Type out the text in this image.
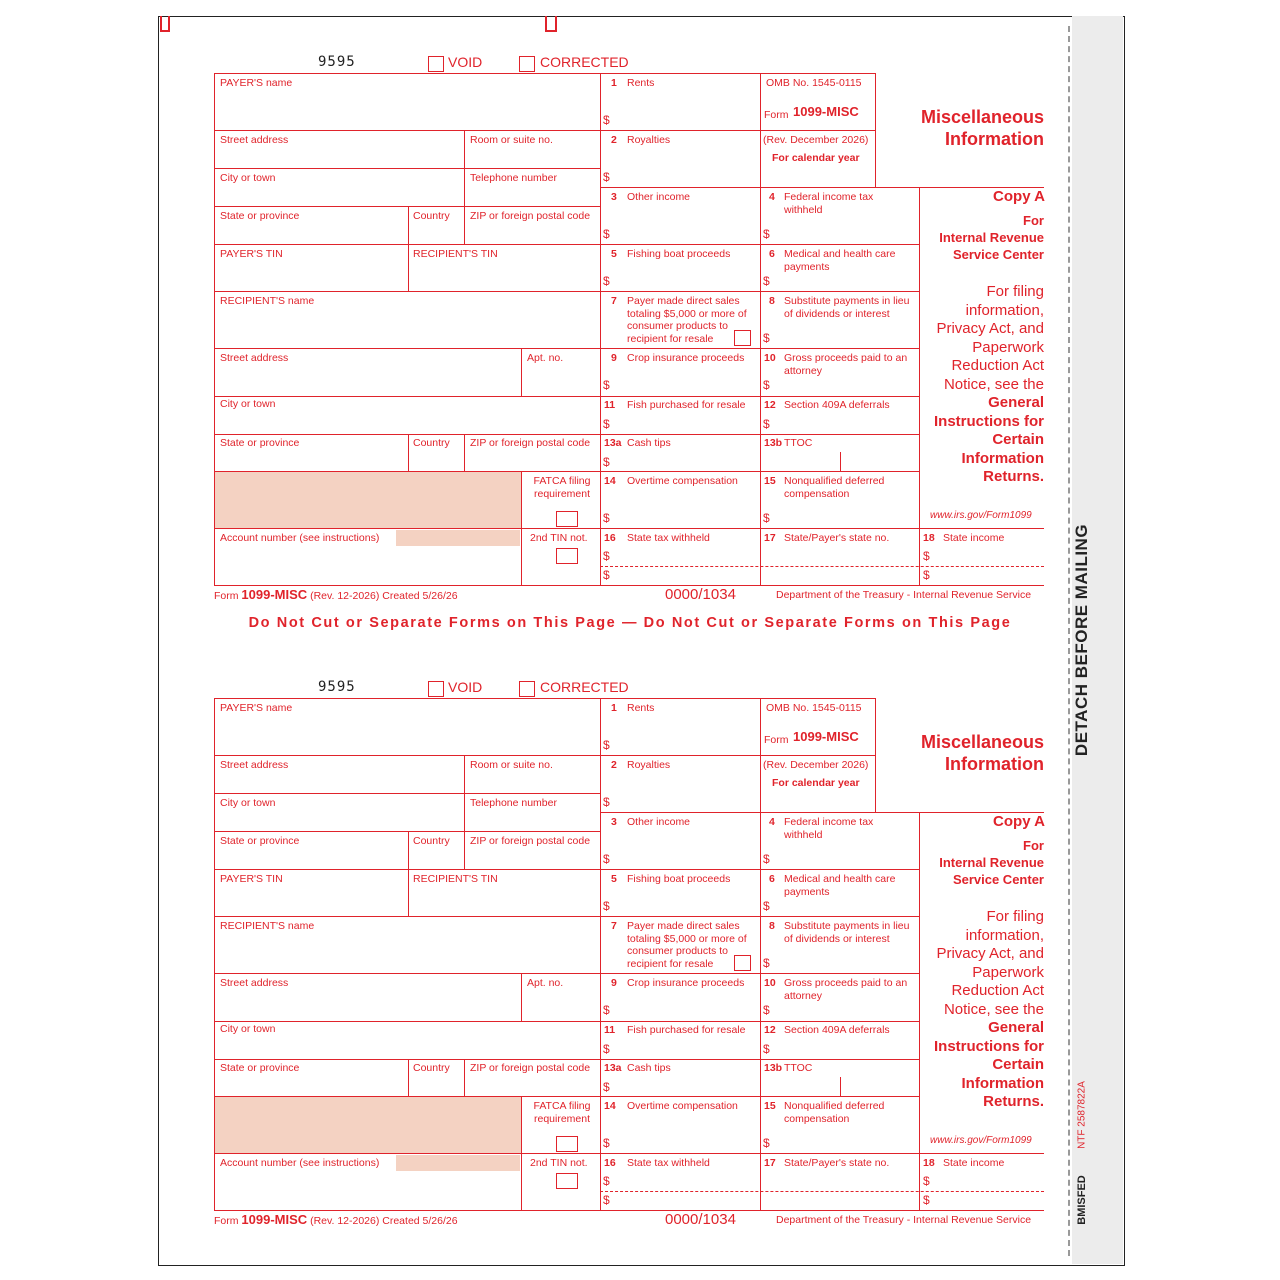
DETACH BEFORE MAILING
NTF 2587822A
BMISFED
Do Not Cut or Separate Forms on This Page — Do Not Cut or Separate Forms on This Page
9595	VOID	CORRECTED
PAYER'S name
Street address	Room or suite no.
City or town	Telephone number
State or province	Country ZIP or foreign postal code
PAYER'S TIN	RECIPIENT'S TIN
RECIPIENT'S name
Street address	Apt. no.
City or town
State or province	Country ZIP or foreign postal code
FATCA filing requirement
Account number (see instructions)	2nd TIN not.
OMB No. 1545-0115
Form 1099-MISC
(Rev. December 2026)
For calendar year
Miscellaneous
Information
Copy A
For
Internal Revenue
Service Center
For filing information, Privacy Act, and Paperwork Reduction Act Notice, see the General Instructions for Certain Information Returns.
www.irs.gov/Form1099
1 Rents
$
2 Royalties
$
3 Other income
$
4 Federal income tax withheld
$
5 Fishing boat proceeds
$
6 Medical and health care payments
$
7 Payer made direct sales totaling $5,000 or more of consumer products to recipient for resale
8 Substitute payments in lieu of dividends or interest
$
9 Crop insurance proceeds
$
10 Gross proceeds paid to an attorney
$
11 Fish purchased for resale
$
12 Section 409A deferrals
$
13a Cash tips
$
13b TTOC
14 Overtime compensation
$
15 Nonqualified deferred compensation
$
16 State tax withheld
$
$
17 State/Payer's state no.	18 State income
$
$
Form 1099-MISC (Rev. 12-2026) Created 5/26/26	0000/1034	Department of the Treasury - Internal Revenue Service
9595	VOID	CORRECTED
PAYER'S name
Street address	Room or suite no.
City or town	Telephone number
State or province	Country ZIP or foreign postal code
PAYER'S TIN	RECIPIENT'S TIN
RECIPIENT'S name
Street address	Apt. no.
City or town
State or province	Country ZIP or foreign postal code
FATCA filing requirement
Account number (see instructions)	2nd TIN not.
OMB No. 1545-0115
Form 1099-MISC
(Rev. December 2026)
For calendar year
Miscellaneous
Information
Copy A
For
Internal Revenue
Service Center
For filing information, Privacy Act, and Paperwork Reduction Act Notice, see the General Instructions for Certain Information Returns.
www.irs.gov/Form1099
1 Rents
$
2 Royalties
$
3 Other income
$
4 Federal income tax withheld
$
5 Fishing boat proceeds
$
6 Medical and health care payments
$
7 Payer made direct sales totaling $5,000 or more of consumer products to recipient for resale
8 Substitute payments in lieu of dividends or interest
$
9 Crop insurance proceeds
$
10 Gross proceeds paid to an attorney
$
11 Fish purchased for resale
$
12 Section 409A deferrals
$
13a Cash tips
$
13b TTOC
14 Overtime compensation
$
15 Nonqualified deferred compensation
$
16 State tax withheld
$
$
17 State/Payer's state no.	18 State income
$
$
Form 1099-MISC (Rev. 12-2026) Created 5/26/26	0000/1034	Department of the Treasury - Internal Revenue Service
